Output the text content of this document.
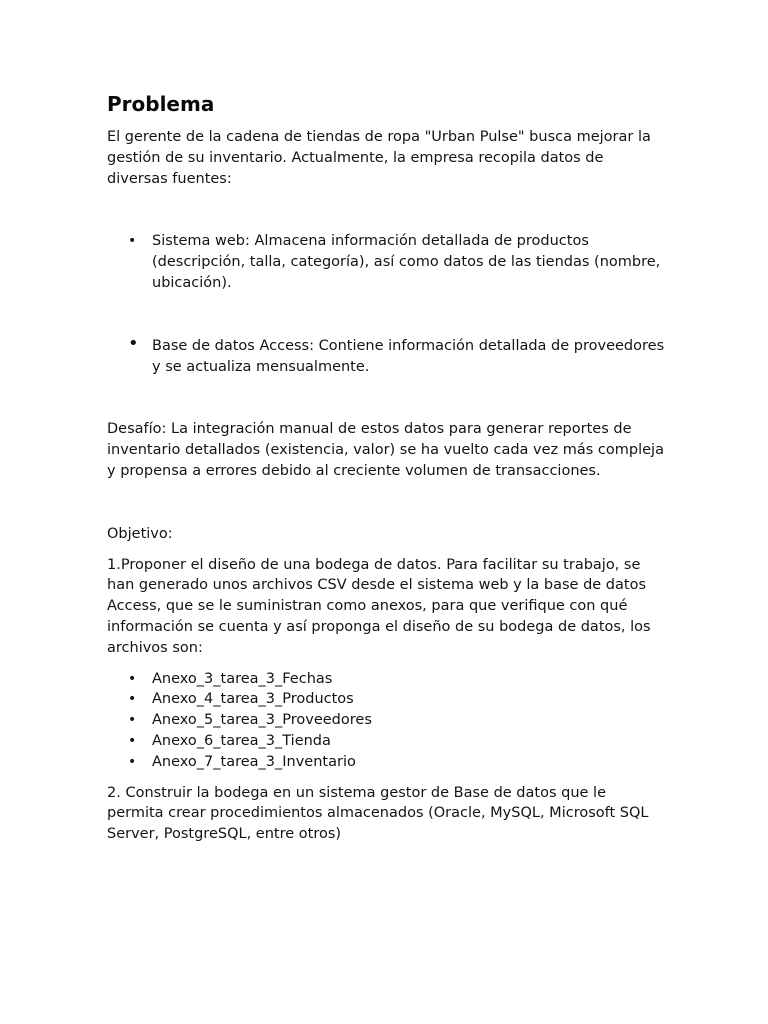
Problema

El gerente de la cadena de tiendas de ropa "Urban Pulse" busca mejorar la gestión de su inventario. Actualmente, la empresa recopila datos de diversas fuentes:

• Sistema web: Almacena información detallada de productos (descripción, talla, categoría), así como datos de las tiendas (nombre, ubicación).
• Base de datos Access: Contiene información detallada de proveedores y se actualiza mensualmente.

Desafío: La integración manual de estos datos para generar reportes de inventario detallados (existencia, valor) se ha vuelto cada vez más compleja y propensa a errores debido al creciente volumen de transacciones.

Objetivo:

1.Proponer el diseño de una bodega de datos. Para facilitar su trabajo, se han generado unos archivos CSV desde el sistema web y la base de datos Access, que se le suministran como anexos, para que verifique con qué información se cuenta y así proponga el diseño de su bodega de datos, los archivos son:

• Anexo_3_tarea_3_Fechas
• Anexo_4_tarea_3_Productos
• Anexo_5_tarea_3_Proveedores
• Anexo_6_tarea_3_Tienda
• Anexo_7_tarea_3_Inventario

2. Construir la bodega en un sistema gestor de Base de datos que le permita crear procedimientos almacenados (Oracle, MySQL, Microsoft SQL Server, PostgreSQL, entre otros)
